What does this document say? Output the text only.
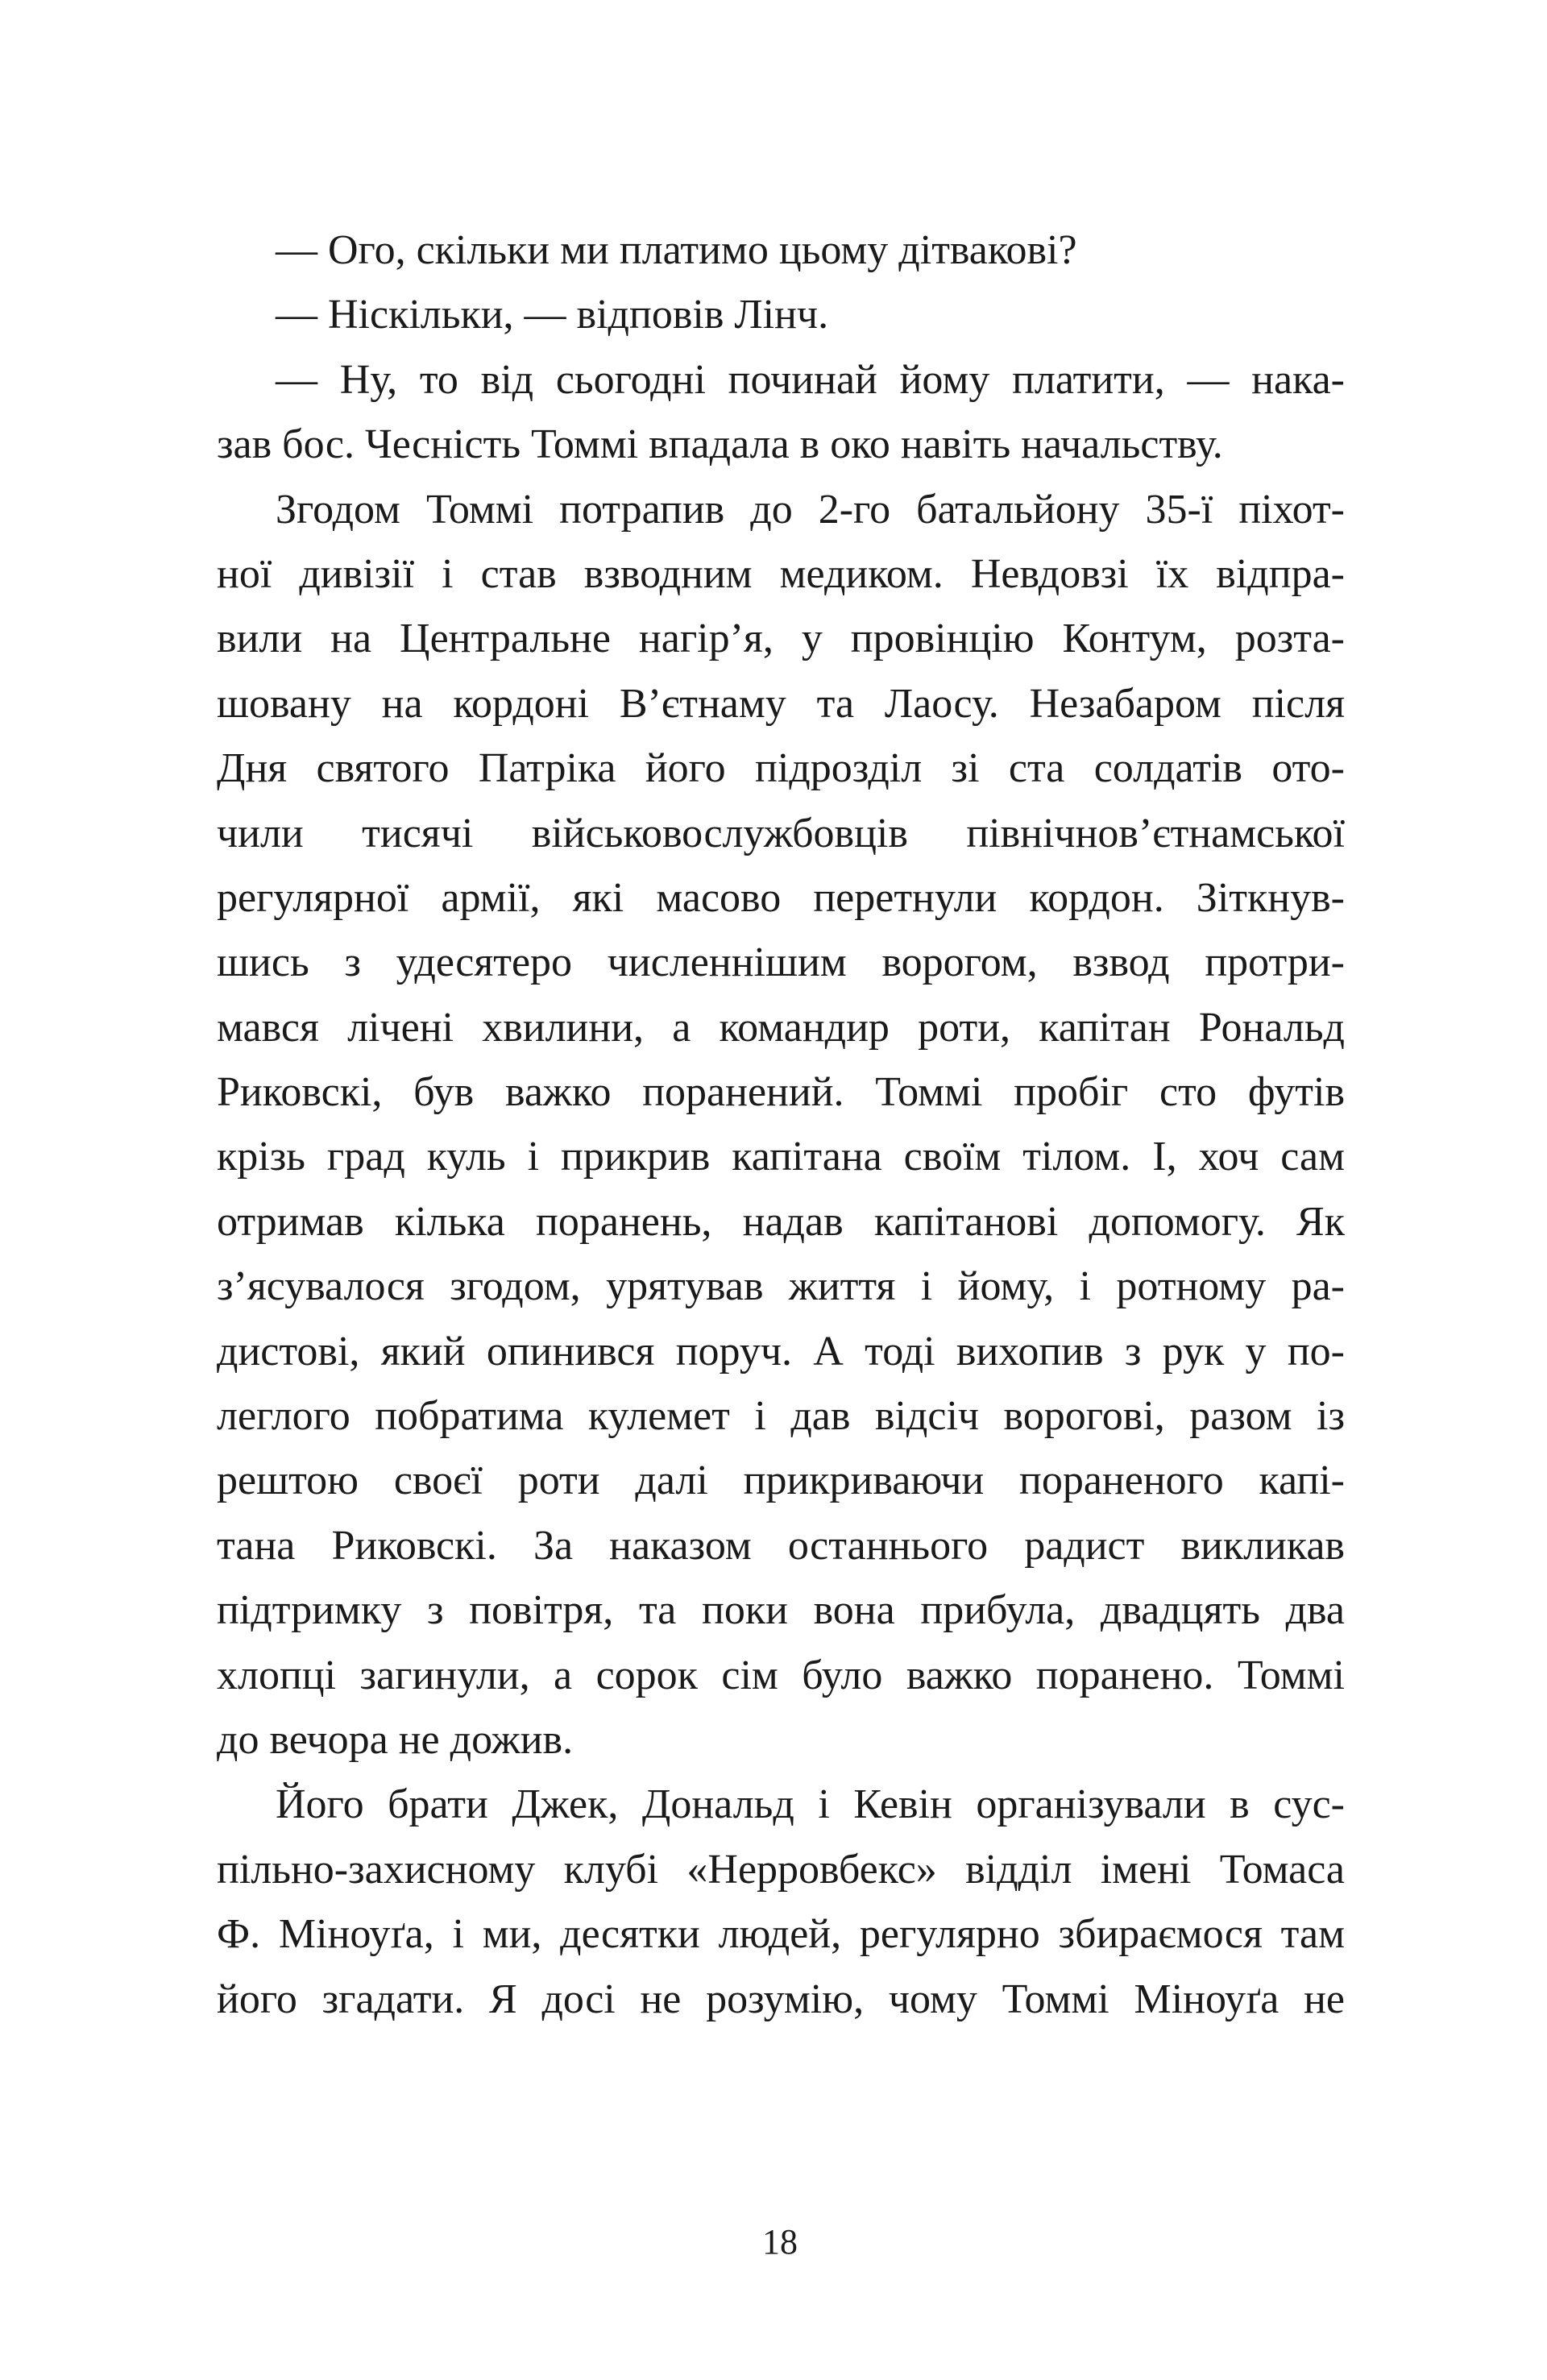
— Ого, скільки ми платимо цьому дітвакові?
— Ніскільки, — відповів Лінч.
— Ну, то від сьогодні починай йому платити, — нака-
зав бос. Чесність Томмі впадала в око навіть начальству.
Згодом Томмі потрапив до 2-го батальйону 35-ї піхот-
ної дивізії і став взводним медиком. Невдовзі їх відпра-
вили на Центральне нагір’я, у провінцію Контум, розта-
шовану на кордоні В’єтнаму та Лаосу. Незабаром після
Дня святого Патріка його підрозділ зі ста солдатів ото-
чили тисячі військовослужбовців північнов’єтнамської
регулярної армії, які масово перетнули кордон. Зіткнув-
шись з удесятеро численнішим ворогом, взвод протри-
мався лічені хвилини, а командир роти, капітан Рональд
Риковскі, був важко поранений. Томмі пробіг сто футів
крізь град куль і прикрив капітана своїм тілом. І, хоч сам
отримав кілька поранень, надав капітанові допомогу. Як
з’ясувалося згодом, урятував життя і йому, і ротному ра-
дистові, який опинився поруч. А тоді вихопив з рук у по-
леглого побратима кулемет і дав відсіч ворогові, разом із
рештою своєї роти далі прикриваючи пораненого капі-
тана Риковскі. За наказом останнього радист викликав
підтримку з повітря, та поки вона прибула, двадцять два
хлопці загинули, а сорок сім було важко поранено. Томмі
до вечора не дожив.
Його брати Джек, Дональд і Кевін організували в сус-
пільно-захисному клубі «Нерровбекс» відділ імені Томаса
Ф. Міноуґа, і ми, десятки людей, регулярно збираємося там
його згадати. Я досі не розумію, чому Томмі Міноуґа не
18
